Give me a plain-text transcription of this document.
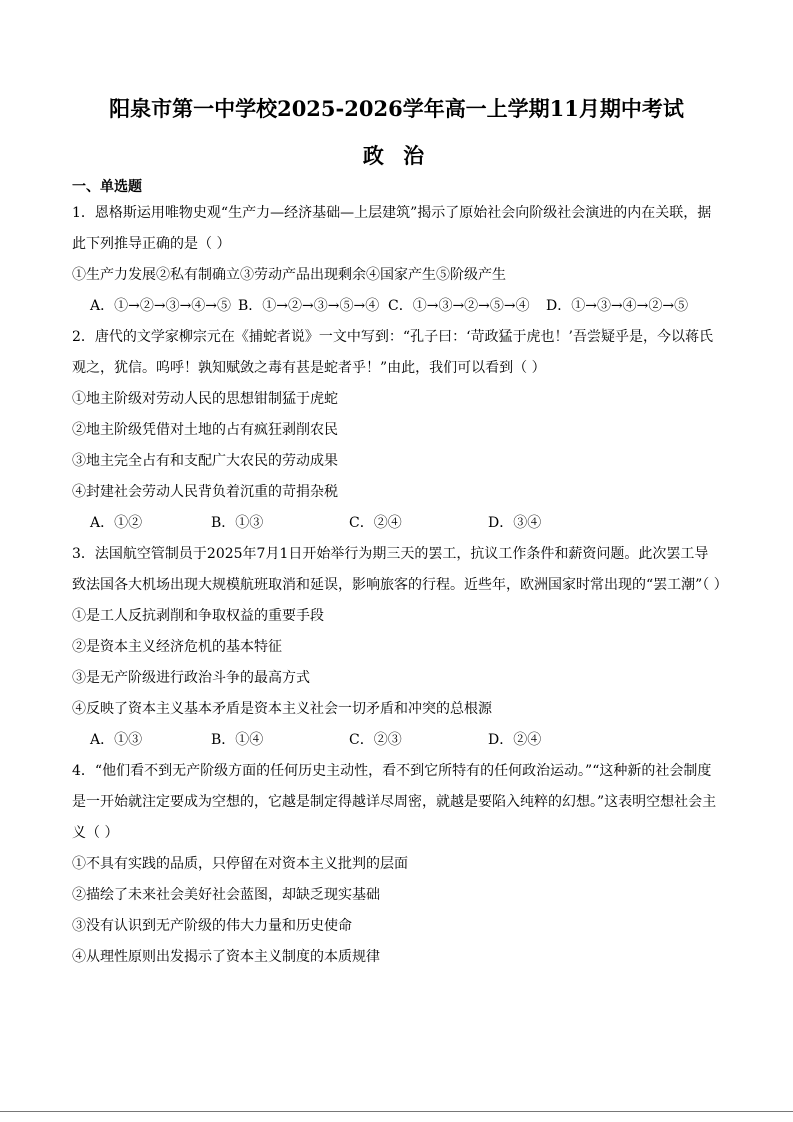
阳泉市第一中学校2025-2026学年高一上学期11月期中考试
政 治
一、单选题
1．恩格斯运用唯物史观“生产力—经济基础—上层建筑”揭示了原始社会向阶级社会演进的内在关联，据此下列推导正确的是（ ）
①生产力发展②私有制确立③劳动产品出现剩余④国家产生⑤阶级产生
A．①→②→③→④→⑤ B．①→②→③→⑤→④ C．①→③→②→⑤→④ D．①→③→④→②→⑤
2．唐代的文学家柳宗元在《捕蛇者说》一文中写到：“孔子曰：‘苛政猛于虎也！’吾尝疑乎是，今以蒋氏观之，犹信。呜呼！孰知赋敛之毒有甚是蛇者乎！”由此，我们可以看到（ ）
①地主阶级对劳动人民的思想钳制猛于虎蛇
②地主阶级凭借对土地的占有疯狂剥削农民
③地主完全占有和支配广大农民的劳动成果
④封建社会劳动人民背负着沉重的苛捐杂税
A．①②	B．①③	C．②④	D．③④
3．法国航空管制员于2025年7月1日开始举行为期三天的罢工，抗议工作条件和薪资问题。此次罢工导致法国各大机场出现大规模航班取消和延误，影响旅客的行程。近些年，欧洲国家时常出现的“罢工潮”（ ）
①是工人反抗剥削和争取权益的重要手段
②是资本主义经济危机的基本特征
③是无产阶级进行政治斗争的最高方式
④反映了资本主义基本矛盾是资本主义社会一切矛盾和冲突的总根源
A．①③	B．①④	C．②③	D．②④
4．“他们看不到无产阶级方面的任何历史主动性，看不到它所特有的任何政治运动。”“这种新的社会制度是一开始就注定要成为空想的，它越是制定得越详尽周密，就越是要陷入纯粹的幻想。”这表明空想社会主义（ ）
①不具有实践的品质，只停留在对资本主义批判的层面
②描绘了未来社会美好社会蓝图，却缺乏现实基础
③没有认识到无产阶级的伟大力量和历史使命
④从理性原则出发揭示了资本主义制度的本质规律
